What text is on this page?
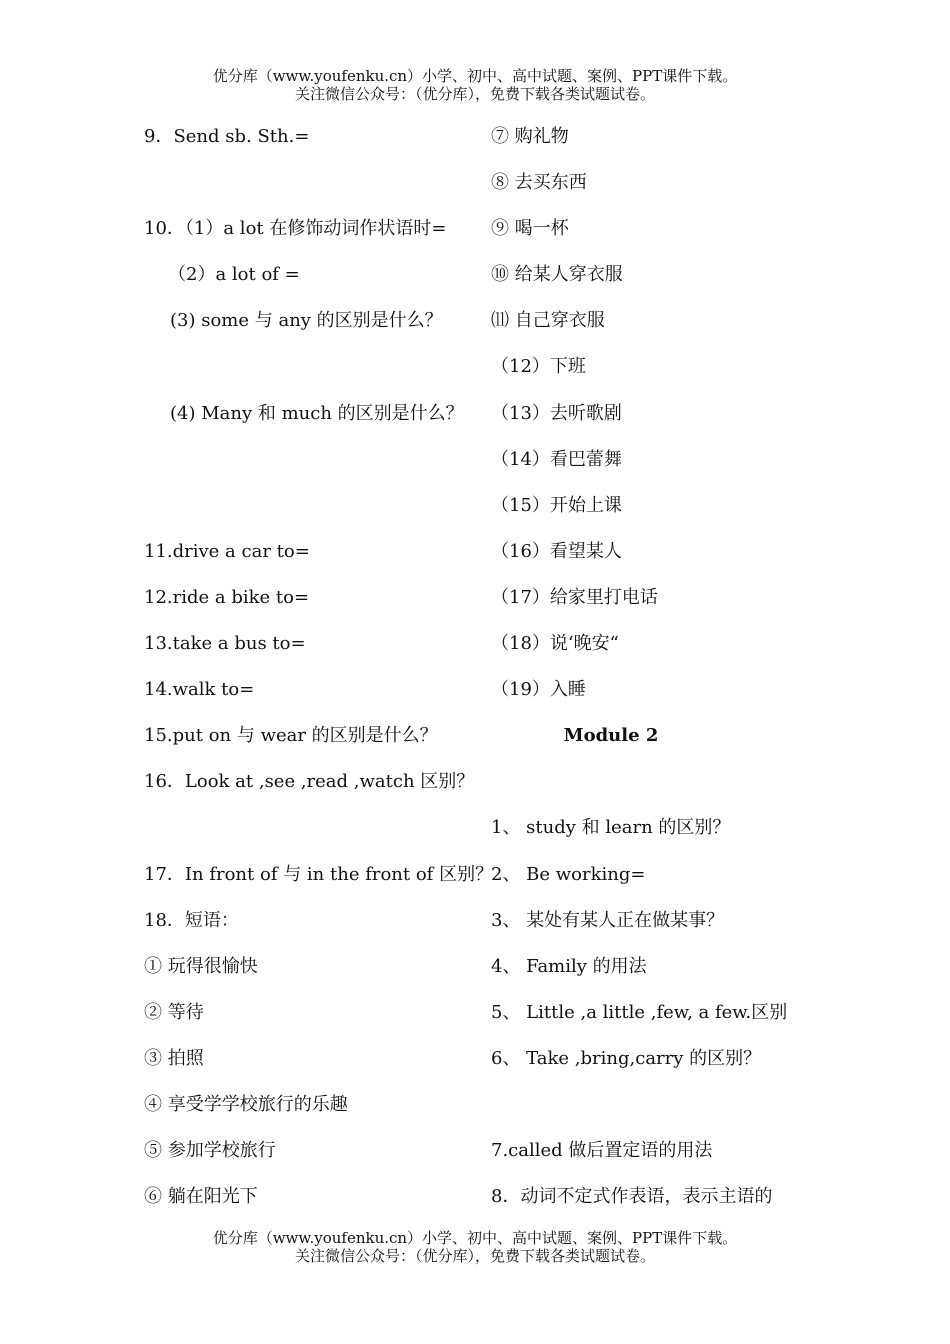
优分库（www.youfenku.cn）小学、初中、高中试题、案例、PPT课件下载。
关注微信公众号：（优分库），免费下载各类试题试卷。
9．Send sb. Sth.=
10．（1）a lot 在修饰动词作状语时=
（2）a lot of =
(3) some 与 any 的区别是什么？
(4) Many 和 much 的区别是什么？
11.drive a car to=
12.ride a bike to=
13.take a bus to=
14.walk to=
15.put on 与 wear 的区别是什么？
16．Look at ,see ,read ,watch 区别？
17．In front of 与 in the front of 区别？
18．短语：
① 玩得很愉快
② 等待
③ 拍照
④ 享受学学校旅行的乐趣
⑤ 参加学校旅行
⑥ 躺在阳光下
⑦ 购礼物
⑧ 去买东西
⑨ 喝一杯
⑩ 给某人穿衣服
⑾ 自己穿衣服
（12）下班
（13）去听歌剧
（14）看巴蕾舞
（15）开始上课
（16）看望某人
（17）给家里打电话
（18）说‘晚安“
（19）入睡
Module 2
1、 study 和 learn 的区别？
2、 Be working=
3、 某处有某人正在做某事？
4、 Family 的用法
5、 Little ,a little ,few, a few.区别
6、 Take ,bring,carry 的区别？
7.called 做后置定语的用法
8．动词不定式作表语，表示主语的
优分库（www.youfenku.cn）小学、初中、高中试题、案例、PPT课件下载。
关注微信公众号：（优分库），免费下载各类试题试卷。
